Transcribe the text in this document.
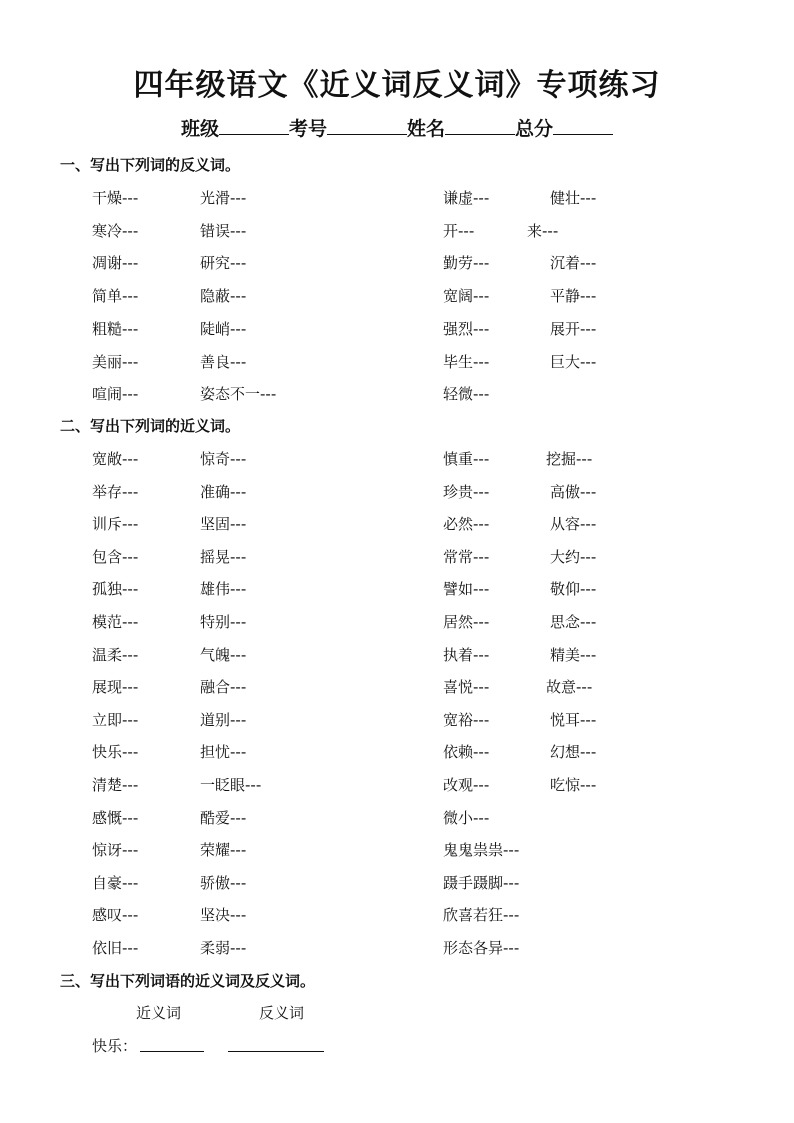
四年级语文《近义词反义词》专项练习
班级	考号	姓名	总分
一、写出下列词的反义词。
干燥---	光滑---	谦虚---	健壮---
寒冷---	错误---	开---	来---
凋谢---	研究---	勤劳---	沉着---
简单---	隐蔽---	宽阔---	平静---
粗糙---	陡峭---	强烈---	展开---
美丽---	善良---	毕生---	巨大---
喧闹---	姿态不一---	轻微---
二、写出下列词的近义词。
宽敞---	惊奇---	慎重---	挖掘---
举存---	准确---	珍贵---	高傲---
训斥---	坚固---	必然---	从容---
包含---	摇晃---	常常---	大约---
孤独---	雄伟---	譬如---	敬仰---
模范---	特别---	居然---	思念---
温柔---	气魄---	执着---	精美---
展现---	融合---	喜悦---	故意---
立即---	道别---	宽裕---	悦耳---
快乐---	担忧---	依赖---	幻想---
清楚---	一眨眼---	改观---	吃惊---
感慨---	酷爱---	微小---
惊讶---	荣耀---	鬼鬼祟祟---
自豪---	骄傲---	蹑手蹑脚---
感叹---	坚决---	欣喜若狂---
依旧---	柔弱---	形态各异---
三、写出下列词语的近义词及反义词。
近义词	反义词
快乐：
